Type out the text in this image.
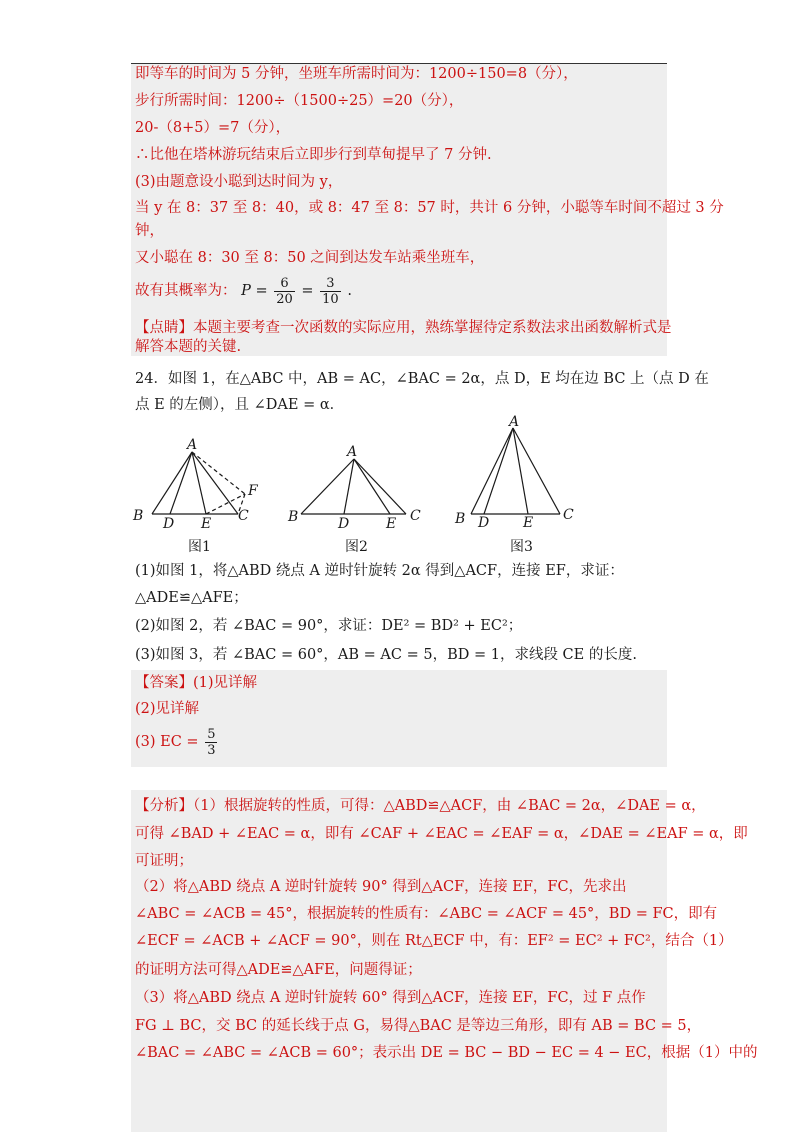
即等车的时间为 5 分钟，坐班车所需时间为：1200÷150=8（分），
步行所需时间：1200÷（1500÷25）=20（分），
20-（8+5）=7（分），
∴比他在塔林游玩结束后立即步行到草甸提早了 7 分钟.
(3)由题意设小聪到达时间为 y，
当 y 在 8：37 至 8：40，或 8：47 至 8：57 时，共计 6 分钟，小聪等车时间不超过 3 分
钟，
又小聪在 8：30 至 8：50 之间到达发车站乘坐班车，
故有其概率为： $P = \frac{6}{20} = \frac{3}{10}$ .
【点睛】本题主要考查一次函数的实际应用，熟练掌握待定系数法求出函数解析式是
解答本题的关键.
24．如图 1，在△ABC 中，AB = AC，∠BAC = 2α，点 D，E 均在边 BC 上（点 D 在
点 E 的左侧），且 ∠DAE = α．
A
B D E C
F
A
B	D	E C
A
B D E C
图1	图2	图3
(1)如图 1，将△ABD 绕点 A 逆时针旋转 2α 得到△ACF，连接 EF，求证：
△ADE≌△AFE；
(2)如图 2，若 ∠BAC = 90°，求证：DE² = BD² + EC²；
(3)如图 3，若 ∠BAC = 60°，AB = AC = 5，BD = 1，求线段 CE 的长度.
【答案】(1)见详解
(2)见详解
(3) EC = $\frac{5}{3}$
【分析】（1）根据旋转的性质，可得：△ABD≌△ACF，由 ∠BAC = 2α，∠DAE = α，
可得 ∠BAD + ∠EAC = α，即有 ∠CAF + ∠EAC = ∠EAF = α，∠DAE = ∠EAF = α，即
可证明；
（2）将△ABD 绕点 A 逆时针旋转 90° 得到△ACF，连接 EF，FC，先求出
∠ABC = ∠ACB = 45°，根据旋转的性质有：∠ABC = ∠ACF = 45°，BD = FC，即有
∠ECF = ∠ACB + ∠ACF = 90°，则在 Rt△ECF 中，有：EF² = EC² + FC²，结合（1）
的证明方法可得△ADE≌△AFE，问题得证；
（3）将△ABD 绕点 A 逆时针旋转 60° 得到△ACF，连接 EF，FC，过 F 点作
FG ⊥ BC，交 BC 的延长线于点 G，易得△BAC 是等边三角形，即有 AB = BC = 5，
∠BAC = ∠ABC = ∠ACB = 60°；表示出 DE = BC − BD − EC = 4 − EC，根据（1）中的
